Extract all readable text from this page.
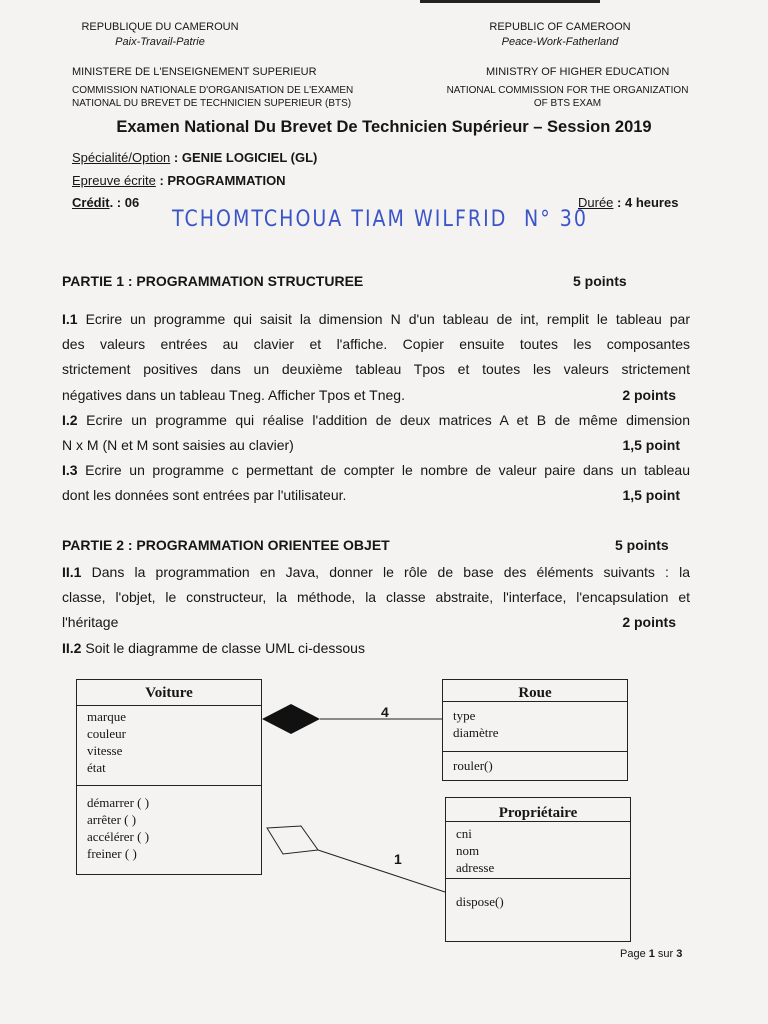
REPUBLIQUE DU CAMEROUN
Paix-Travail-Patrie
MINISTERE DE L'ENSEIGNEMENT SUPERIEUR
COMMISSION NATIONALE D'ORGANISATION DE L'EXAMEN
NATIONAL DU BREVET DE TECHNICIEN SUPERIEUR (BTS)
REPUBLIC OF CAMEROON
Peace-Work-Fatherland
MINISTRY OF HIGHER EDUCATION
NATIONAL COMMISSION FOR THE ORGANIZATION
OF BTS EXAM
Examen National Du Brevet De Technicien Supérieur – Session 2019
Spécialité/Option : GENIE LOGICIEL (GL)
Epreuve écrite : PROGRAMMATION
Crédit. : 06	Durée : 4 heures
TCHOMTCHOUA TIAM WILFRID N° 30
PARTIE 1 : PROGRAMMATION STRUCTUREE	5 points
I.1 Ecrire un programme qui saisit la dimension N d'un tableau de int, remplit le tableau par
des valeurs entrées au clavier et l'affiche. Copier ensuite toutes les composantes
strictement positives dans un deuxième tableau Tpos et toutes les valeurs strictement
négatives dans un tableau Tneg. Afficher Tpos et Tneg.	2 points
I.2 Ecrire un programme qui réalise l'addition de deux matrices A et B de même dimension
N x M (N et M sont saisies au clavier)	1,5 point
I.3 Ecrire un programme c permettant de compter le nombre de valeur paire dans un tableau
dont les données sont entrées par l'utilisateur.	1,5 point
PARTIE 2 : PROGRAMMATION ORIENTEE OBJET	5 points
II.1 Dans la programmation en Java, donner le rôle de base des éléments suivants : la
classe, l'objet, le constructeur, la méthode, la classe abstraite, l'interface, l'encapsulation et
l'héritage	2 points
II.2 Soit le diagramme de classe UML ci-dessous
Voiture
marque
couleur
vitesse
état
démarrer ( )
arrêter ( )
accélérer ( )
freiner ( )
Roue
type
diamètre
rouler()
Propriétaire
cni
nom
adresse
dispose()
4
1
Page 1 sur 3
